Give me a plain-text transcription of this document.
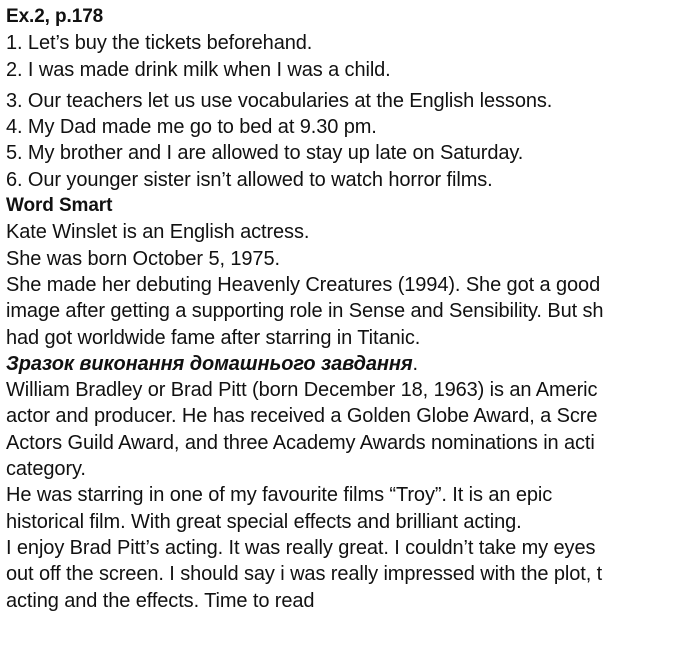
Ex.2, p.178
1. Let’s buy the tickets beforehand.
2. I was made drink milk when I was a child.
3. Our teachers let us use vocabularies at the English lessons.
4. My Dad made me go to bed at 9.30 pm.
5. My brother and I are allowed to stay up late on Saturday.
6. Our younger sister isn’t allowed to watch horror films.
Word Smart
Kate Winslet is an English actress.
She was born October 5, 1975.
She made her debuting Heavenly Creatures (1994). She got a good
image after getting a supporting role in Sense and Sensibility. But sh
had got worldwide fame after starring in Titanic.
Зразок виконання домашнього завдання.
William Bradley or Brad Pitt (born December 18, 1963) is an Americ
actor and producer. He has received a Golden Globe Award, a Scre
Actors Guild Award, and three Academy Awards nominations in acti
category.
He was starring in one of my favourite films “Troy”. It is an epic
historical film. With great special effects and brilliant acting.
I enjoy Brad Pitt’s acting. It was really great. I couldn’t take my eyes
out off the screen. I should say i was really impressed with the plot, t
acting and the effects. Time to read
